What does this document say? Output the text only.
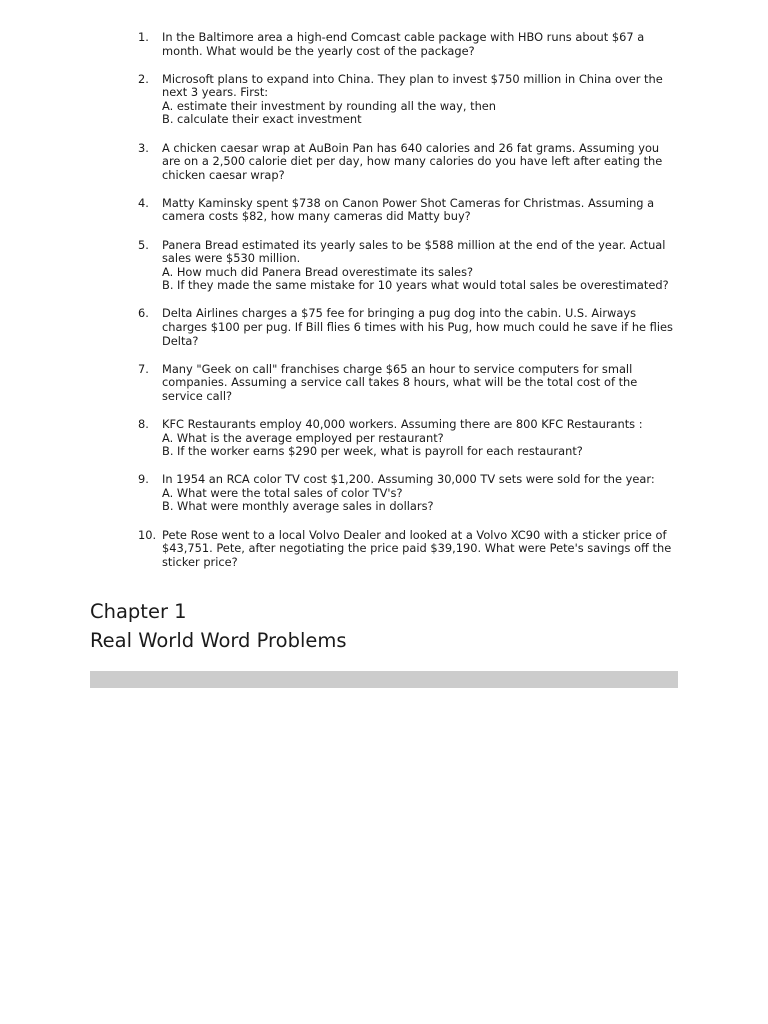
1.	In the Baltimore area a high-end Comcast cable package with HBO runs about $67 a month. What would be the yearly cost of the package?
2.	Microsoft plans to expand into China. They plan to invest $750 million in China over the next 3 years. First:
A. estimate their investment by rounding all the way, then
B. calculate their exact investment
3.	A chicken caesar wrap at AuBoin Pan has 640 calories and 26 fat grams. Assuming you are on a 2,500 calorie diet per day, how many calories do you have left after eating the chicken caesar wrap?
4.	Matty Kaminsky spent $738 on Canon Power Shot Cameras for Christmas. Assuming a camera costs $82, how many cameras did Matty buy?
5.	Panera Bread estimated its yearly sales to be $588 million at the end of the year. Actual sales were $530 million.
A. How much did Panera Bread overestimate its sales?
B. If they made the same mistake for 10 years what would total sales be overestimated?
6.	Delta Airlines charges a $75 fee for bringing a pug dog into the cabin. U.S. Airways charges $100 per pug. If Bill flies 6 times with his Pug, how much could he save if he flies Delta?
7.	Many "Geek on call" franchises charge $65 an hour to service computers for small companies. Assuming a service call takes 8 hours, what will be the total cost of the service call?
8.	KFC Restaurants employ 40,000 workers. Assuming there are 800 KFC Restaurants :
A. What is the average employed per restaurant?
B. If the worker earns $290 per week, what is payroll for each restaurant?
9.	In 1954 an RCA color TV cost $1,200. Assuming 30,000 TV sets were sold for the year:
A. What were the total sales of color TV's?
B. What were monthly average sales in dollars?
10. Pete Rose went to a local Volvo Dealer and looked at a Volvo XC90 with a sticker price of $43,751. Pete, after negotiating the price paid $39,190. What were Pete's savings off the sticker price?
Chapter 1
Real World Word Problems
